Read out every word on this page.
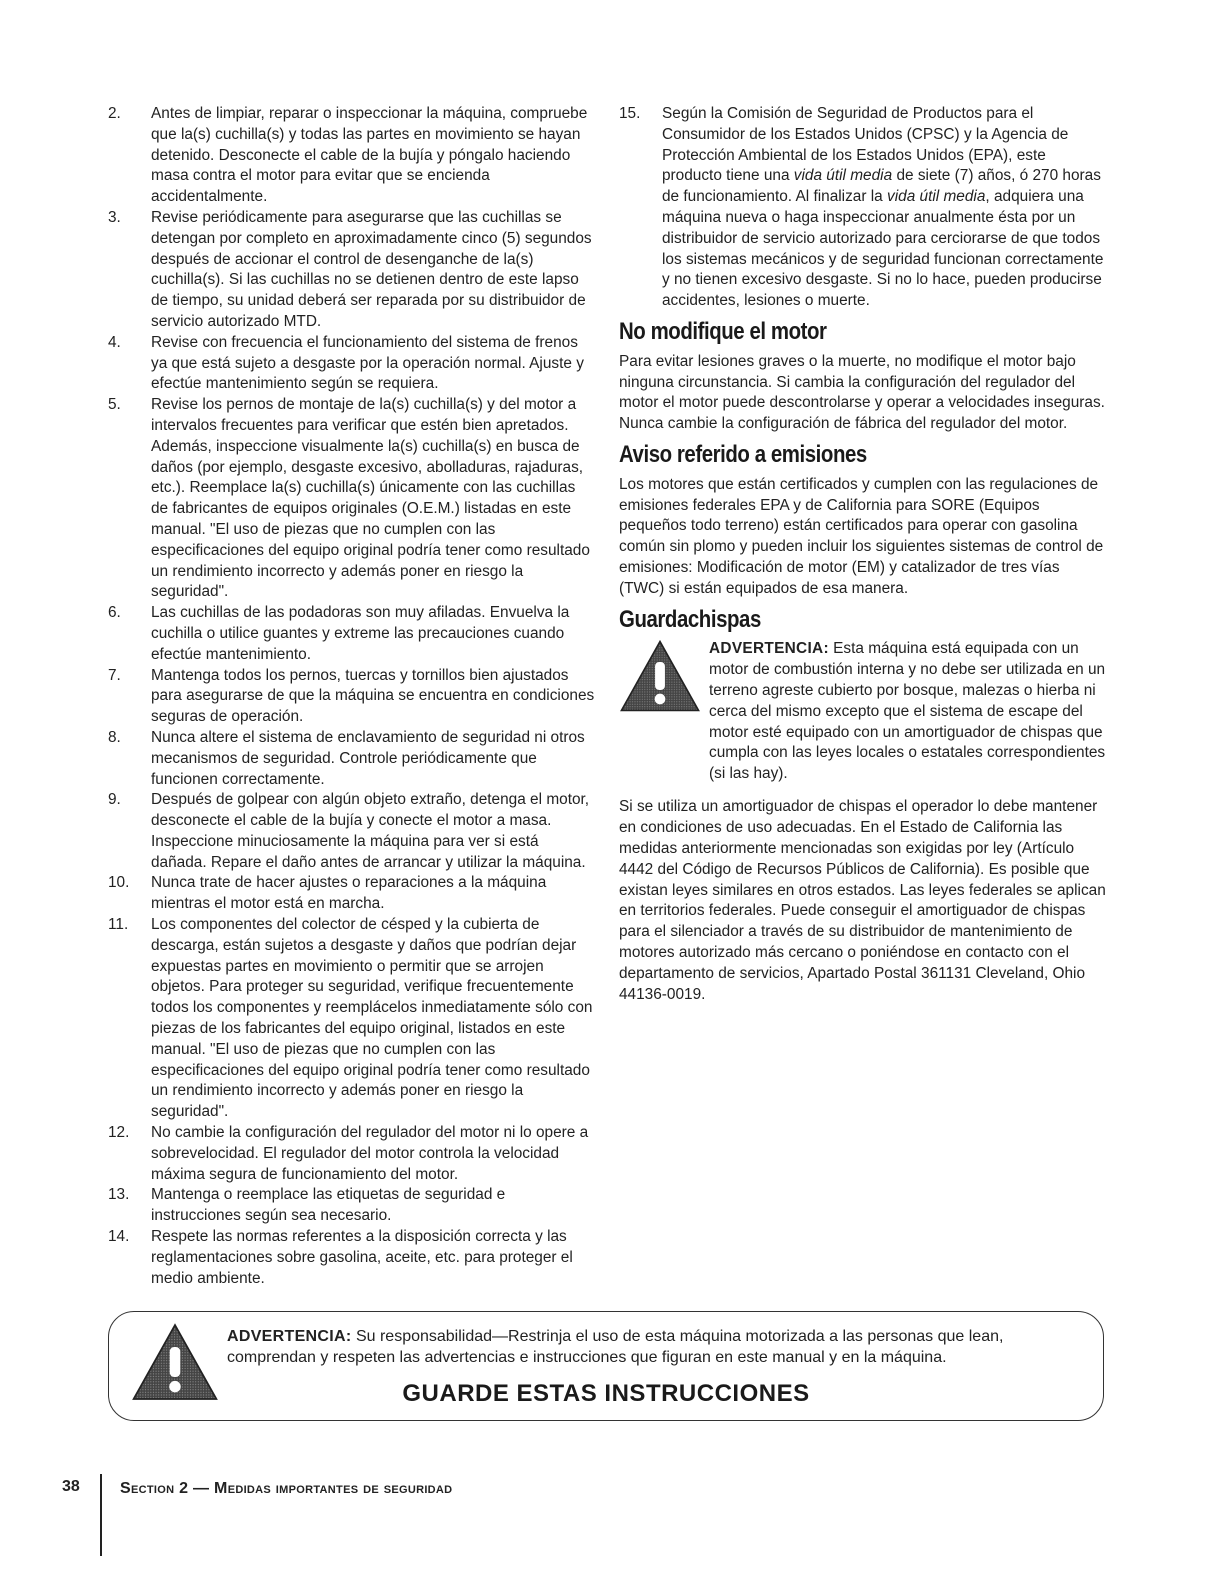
2.	Antes de limpiar, reparar o inspeccionar la máquina, compruebe que la(s) cuchilla(s) y todas las partes en movimiento se hayan detenido. Desconecte el cable de la bujía y póngalo haciendo masa contra el motor para evitar que se encienda accidentalmente.
3.	Revise periódicamente para asegurarse que las cuchillas se detengan por completo en aproximadamente cinco (5) segundos después de accionar el control de desenganche de la(s) cuchilla(s). Si las cuchillas no se detienen dentro de este lapso de tiempo, su unidad deberá ser reparada por su distribuidor de servicio autorizado MTD.
4.	Revise con frecuencia el funcionamiento del sistema de frenos ya que está sujeto a desgaste por la operación normal. Ajuste y efectúe mantenimiento según se requiera.
5.	Revise los pernos de montaje de la(s) cuchilla(s) y del motor a intervalos frecuentes para verificar que estén bien apretados. Además, inspeccione visualmente la(s) cuchilla(s) en busca de daños (por ejemplo, desgaste excesivo, abolladuras, rajaduras, etc.). Reemplace la(s) cuchilla(s) únicamente con las cuchillas de fabricantes de equipos originales (O.E.M.) listadas en este manual. "El uso de piezas que no cumplen con las especificaciones del equipo original podría tener como resultado un rendimiento incorrecto y además poner en riesgo la seguridad".
6.	Las cuchillas de las podadoras son muy afiladas. Envuelva la cuchilla o utilice guantes y extreme las precauciones cuando efectúe mantenimiento.
7.	Mantenga todos los pernos, tuercas y tornillos bien ajustados para asegurarse de que la máquina se encuentra en condiciones seguras de operación.
8.	Nunca altere el sistema de enclavamiento de seguridad ni otros mecanismos de seguridad. Controle periódicamente que funcionen correctamente.
9.	Después de golpear con algún objeto extraño, detenga el motor, desconecte el cable de la bujía y conecte el motor a masa. Inspeccione minuciosamente la máquina para ver si está dañada. Repare el daño antes de arrancar y utilizar la máquina.
10.	Nunca trate de hacer ajustes o reparaciones a la máquina mientras el motor está en marcha.
11.	Los componentes del colector de césped y la cubierta de descarga, están sujetos a desgaste y daños que podrían dejar expuestas partes en movimiento o permitir que se arrojen objetos. Para proteger su seguridad, verifique frecuentemente todos los componentes y reemplácelos inmediatamente sólo con piezas de los fabricantes del equipo original, listados en este manual. "El uso de piezas que no cumplen con las especificaciones del equipo original podría tener como resultado un rendimiento incorrecto y además poner en riesgo la seguridad".
12.	No cambie la configuración del regulador del motor ni lo opere a sobrevelocidad. El regulador del motor controla la velocidad máxima segura de funcionamiento del motor.
13.	Mantenga o reemplace las etiquetas de seguridad e instrucciones según sea necesario.
14.	Respete las normas referentes a la disposición correcta y las reglamentaciones sobre gasolina, aceite, etc. para proteger el medio ambiente.
15.	Según la Comisión de Seguridad de Productos para el Consumidor de los Estados Unidos (CPSC) y la Agencia de Protección Ambiental de los Estados Unidos (EPA), este producto tiene una vida útil media de siete (7) años, ó 270 horas de funcionamiento. Al finalizar la vida útil media, adquiera una máquina nueva o haga inspeccionar anualmente ésta por un distribuidor de servicio autorizado para cerciorarse de que todos los sistemas mecánicos y de seguridad funcionan correctamente y no tienen excesivo desgaste. Si no lo hace, pueden producirse accidentes, lesiones o muerte.
No modifique el motor

Para evitar lesiones graves o la muerte, no modifique el motor bajo ninguna circunstancia. Si cambia la configuración del regulador del motor el motor puede descontrolarse y operar a velocidades inseguras. Nunca cambie la configuración de fábrica del regulador del motor.

Aviso referido a emisiones

Los motores que están certificados y cumplen con las regulaciones de emisiones federales EPA y de California para SORE (Equipos pequeños todo terreno) están certificados para operar con gasolina común sin plomo y pueden incluir los siguientes sistemas de control de emisiones: Modificación de motor (EM) y catalizador de tres vías (TWC) si están equipados de esa manera.

Guardachispas
ADVERTENCIA: Esta máquina está equipada con un motor de combustión interna y no debe ser utilizada en un terreno agreste cubierto por bosque, malezas o hierba ni cerca del mismo excepto que el sistema de escape del motor esté equipado con un amortiguador de chispas que cumpla con las leyes locales o estatales correspondientes (si las hay).

Si se utiliza un amortiguador de chispas el operador lo debe mantener en condiciones de uso adecuadas. En el Estado de California las medidas anteriormente mencionadas son exigidas por ley (Artículo 4442 del Código de Recursos Públicos de California). Es posible que existan leyes similares en otros estados. Las leyes federales se aplican en territorios federales. Puede conseguir el amortiguador de chispas para el silenciador a través de su distribuidor de mantenimiento de motores autorizado más cercano o poniéndose en contacto con el departamento de servicios, Apartado Postal 361131 Cleveland, Ohio 44136-0019.

ADVERTENCIA: Su responsabilidad—Restrinja el uso de esta máquina motorizada a las personas que lean, comprendan y respeten las advertencias e instrucciones que figuran en este manual y en la máquina.
GUARDE ESTAS INSTRUCCIONES
38	Section 2 — Medidas importantes de seguridad
